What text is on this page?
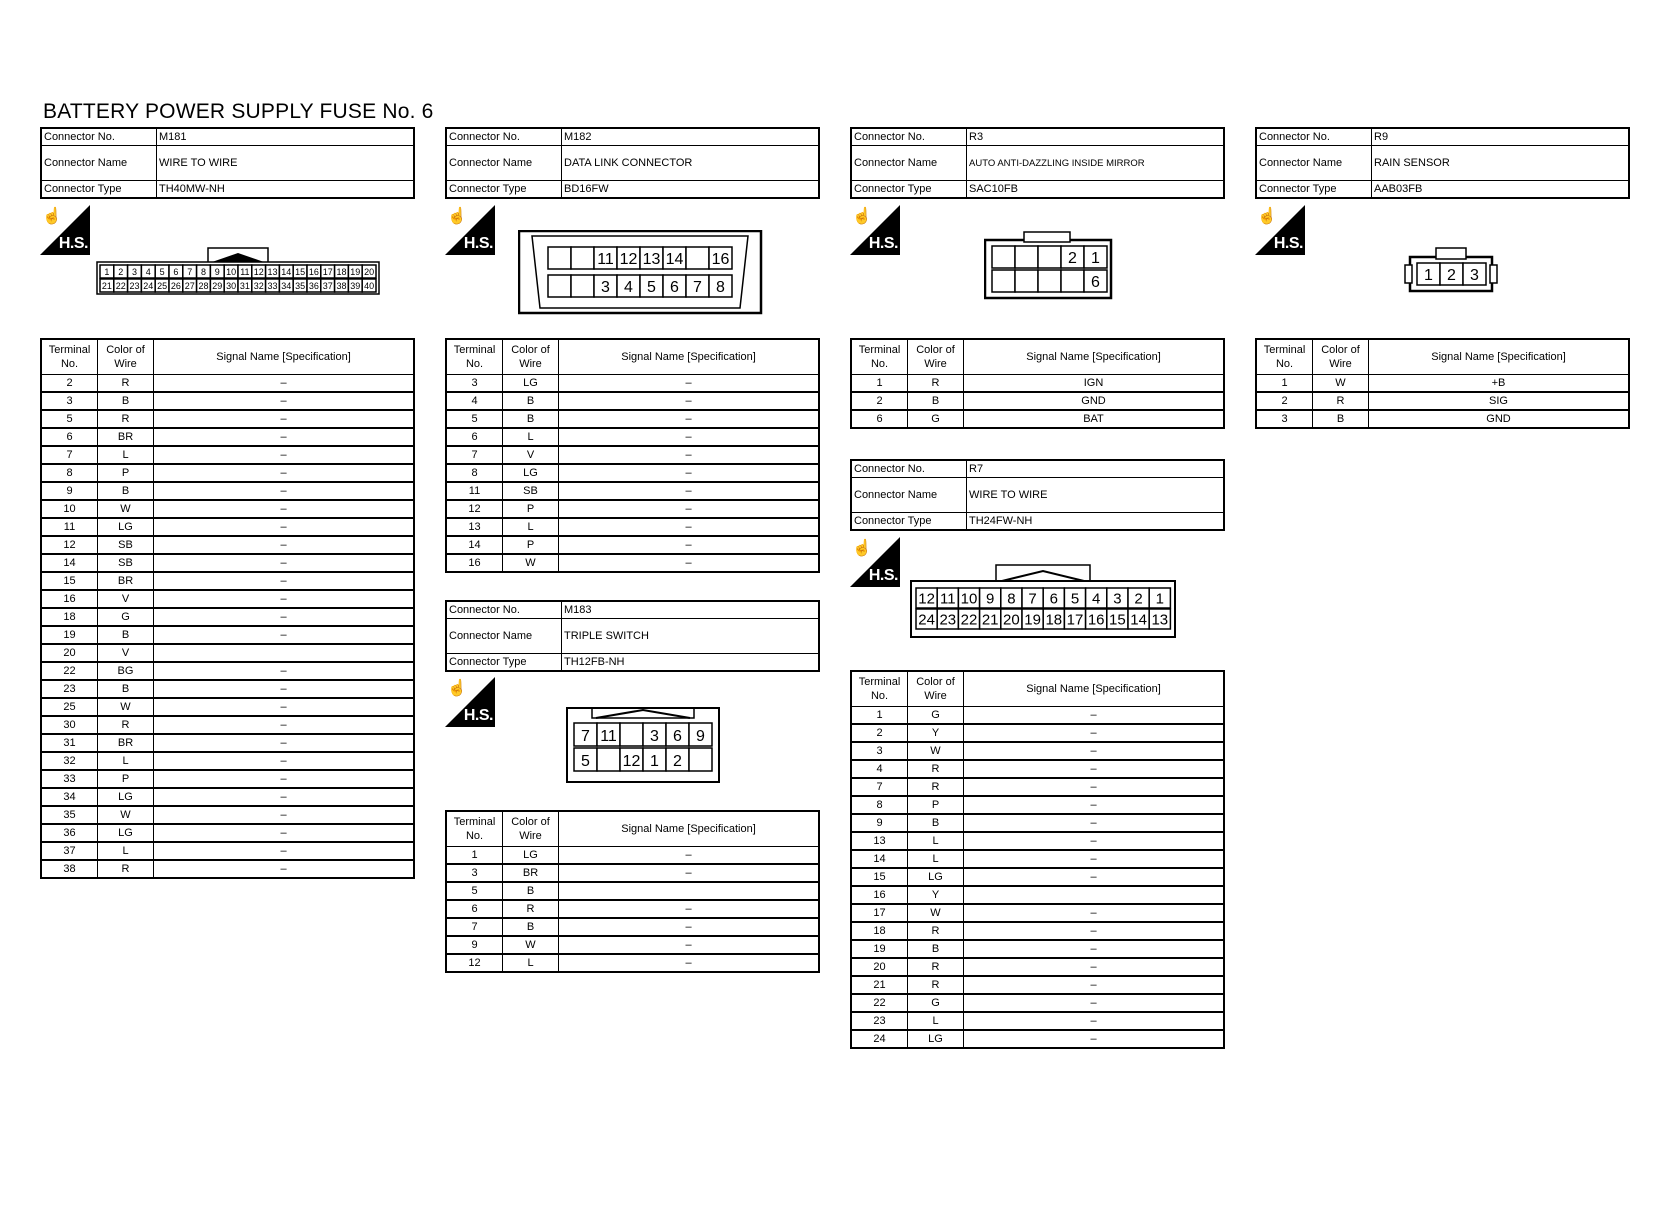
BATTERY POWER SUPPLY FUSE No. 6
Connector No.	M181
Connector Name	WIRE TO WIRE
Connector Type	TH40MW-NH
☝
H.S.
1 2 3 4 5 6 7 8 9 10 11 12 13 14 15 16 17 18 19 20
21 22 23 24 25 26 27 28 29 30 31 32 33 34 35 36 37 38 39 40
Terminal No.	Color of Wire	Signal Name [Specification]
2	R	–
3	B	–
5	R	–
6	BR	–
7	L	–
8	P	–
9	B	–
10	W	–
11	LG	–
12	SB	–
14	SB	–
15	BR	–
16	V	–
18	G	–
19	B	–
20	V	
22	BG	–
23	B	–
25	W	–
30	R	–
31	BR	–
32	L	–
33	P	–
34	LG	–
35	W	–
36	LG	–
37	L	–
38	R	–
Connector No.	M182
Connector Name	DATA LINK CONNECTOR
Connector Type	BD16FW
☝
H.S.
11 12 13 14 16
3 4 5 6 7 8
Terminal No.	Color of Wire	Signal Name [Specification]
3	LG	–
4	B	–
5	B	–
6	L	–
7	V	–
8	LG	–
11	SB	–
12	P	–
13	L	–
14	P	–
16	W	–
Connector No.	M183
Connector Name	TRIPLE SWITCH
Connector Type	TH12FB-NH
☝
H.S.
7 11 3 6 9
5 12 1 2
Terminal No.	Color of Wire	Signal Name [Specification]
1	LG	–
3	BR	–
5	B	
6	R	–
7	B	–
9	W	–
12	L	–
Connector No.	R3
Connector Name	AUTO ANTI-DAZZLING INSIDE MIRROR
Connector Type	SAC10FB
☝
H.S.
2 1
6
Terminal No.	Color of Wire	Signal Name [Specification]
1	R	IGN
2	B	GND
6	G	BAT
Connector No.	R7
Connector Name	WIRE TO WIRE
Connector Type	TH24FW-NH
☝
H.S.
12 11 10 9 8 7 6 5 4 3 2 1
24 23 22 21 20 19 18 17 16 15 14 13
Terminal No.	Color of Wire	Signal Name [Specification]
1	G	–
2	Y	–
3	W	–
4	R	–
7	R	–
8	P	–
9	B	–
13	L	–
14	L	–
15	LG	–
16	Y	
17	W	–
18	R	–
19	B	–
20	R	–
21	R	–
22	G	–
23	L	–
24	LG	–
Connector No.	R9
Connector Name	RAIN SENSOR
Connector Type	AAB03FB
☝
H.S.
1 2 3
Terminal No.	Color of Wire	Signal Name [Specification]
1	W	+B
2	R	SIG
3	B	GND
